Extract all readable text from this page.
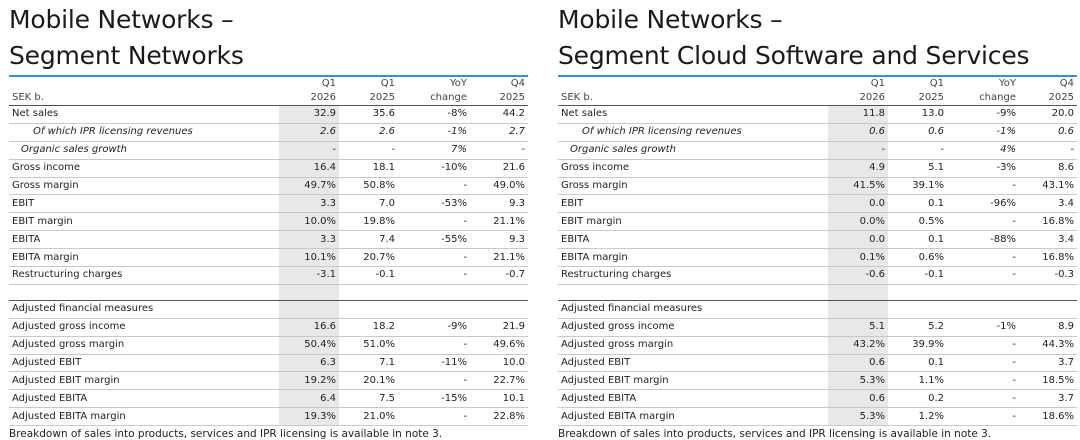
Mobile Networks –
Segment Networks
	Q1	Q1	YoY	Q4
SEK b.	2026	2025	change	2025
Net sales	32.9	35.6	-8%	44.2
Of which IPR licensing revenues	2.6	2.6	-1%	2.7
Organic sales growth	-	-	7%	-
Gross income	16.4	18.1	-10%	21.6
Gross margin	49.7%	50.8%	-	49.0%
EBIT	3.3	7.0	-53%	9.3
EBIT margin	10.0%	19.8%	-	21.1%
EBITA	3.3	7.4	-55%	9.3
EBITA margin	10.1%	20.7%	-	21.1%
Restructuring charges	-3.1	-0.1	-	-0.7

Adjusted financial measures				
Adjusted gross income	16.6	18.2	-9%	21.9
Adjusted gross margin	50.4%	51.0%	-	49.6%
Adjusted EBIT	6.3	7.1	-11%	10.0
Adjusted EBIT margin	19.2%	20.1%	-	22.7%
Adjusted EBITA	6.4	7.5	-15%	10.1
Adjusted EBITA margin	19.3%	21.0%	-	22.8%
Breakdown of sales into products, services and IPR licensing is available in note 3.
Mobile Networks –
Segment Cloud Software and Services
	Q1	Q1	YoY	Q4
SEK b.	2026	2025	change	2025
Net sales	11.8	13.0	-9%	20.0
Of which IPR licensing revenues	0.6	0.6	-1%	0.6
Organic sales growth	-	-	4%	-
Gross income	4.9	5.1	-3%	8.6
Gross margin	41.5%	39.1%	-	43.1%
EBIT	0.0	0.1	-96%	3.4
EBIT margin	0.0%	0.5%	-	16.8%
EBITA	0.0	0.1	-88%	3.4
EBITA margin	0.1%	0.6%	-	16.8%
Restructuring charges	-0.6	-0.1	-	-0.3

Adjusted financial measures				
Adjusted gross income	5.1	5.2	-1%	8.9
Adjusted gross margin	43.2%	39.9%	-	44.3%
Adjusted EBIT	0.6	0.1	-	3.7
Adjusted EBIT margin	5.3%	1.1%	-	18.5%
Adjusted EBITA	0.6	0.2	-	3.7
Adjusted EBITA margin	5.3%	1.2%	-	18.6%
Breakdown of sales into products, services and IPR licensing is available in note 3.
